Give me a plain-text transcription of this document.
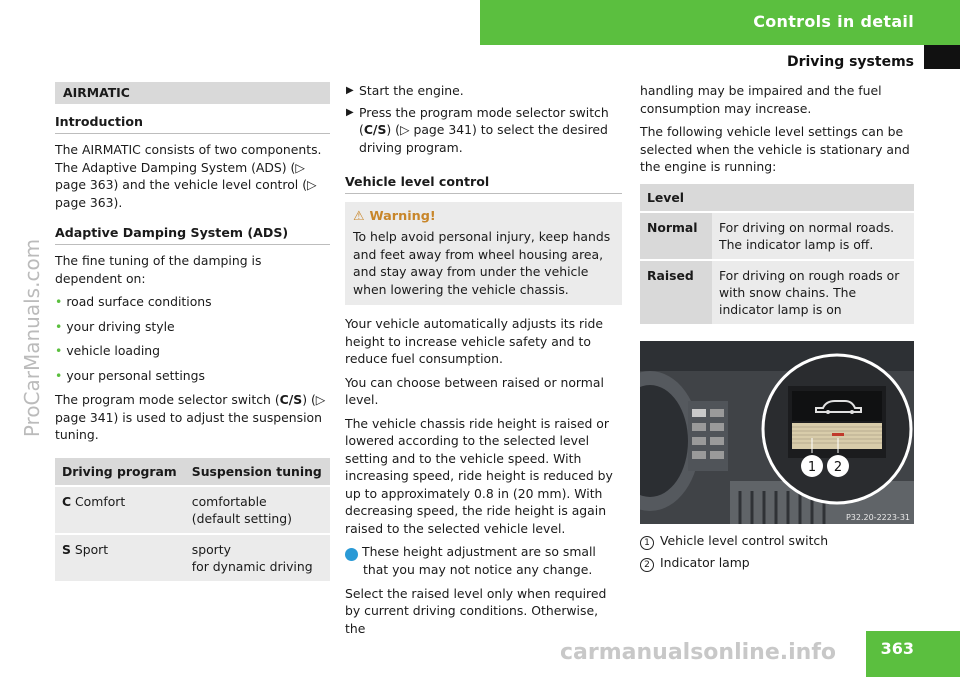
Controls in detail
Driving systems
ProCarManuals.com
AIRMATIC
Introduction

The AIRMATIC consists of two components. The Adaptive Damping System (ADS) (▷ page 363) and the vehicle level control (▷ page 363).

Adaptive Damping System (ADS)

The fine tuning of the damping is dependent on:

• road surface conditions
• your driving style
• vehicle loading
• your personal settings

The program mode selector switch (C/S) (▷ page 341) is used to adjust the suspension tuning.

Driving program	Suspension tuning
C Comfort	comfortable
(default setting)
S Sport	sporty
for dynamic driving
▶ Start the engine.
▶ Press the program mode selector switch (C/S) (▷ page 341) to select the desired driving program.
Vehicle level control
⚠ Warning!

To help avoid personal injury, keep hands and feet away from wheel housing area, and stay away from under the vehicle when lowering the vehicle chassis.

Your vehicle automatically adjusts its ride height to increase vehicle safety and to reduce fuel consumption.

You can choose between raised or normal level.

The vehicle chassis ride height is raised or lowered according to the selected level setting and to the vehicle speed. With increasing speed, ride height is reduced by up to approximately 0.8 in (20 mm). With decreasing speed, the ride height is again raised to the selected vehicle level.

i These height adjustment are so small that you may not notice any change.

Select the raised level only when required by current driving conditions. Otherwise, the

handling may be impaired and the fuel consumption may increase.

The following vehicle level settings can be selected when the vehicle is stationary and the engine is running:

Level	
Normal	For driving on normal roads. The indicator lamp is off.
Raised	For driving on rough roads or with snow chains. The indicator lamp is on
1 2
P32.20-2223-31
1 Vehicle level control switch
2 Indicator lamp
carmanualsonline.info	363
